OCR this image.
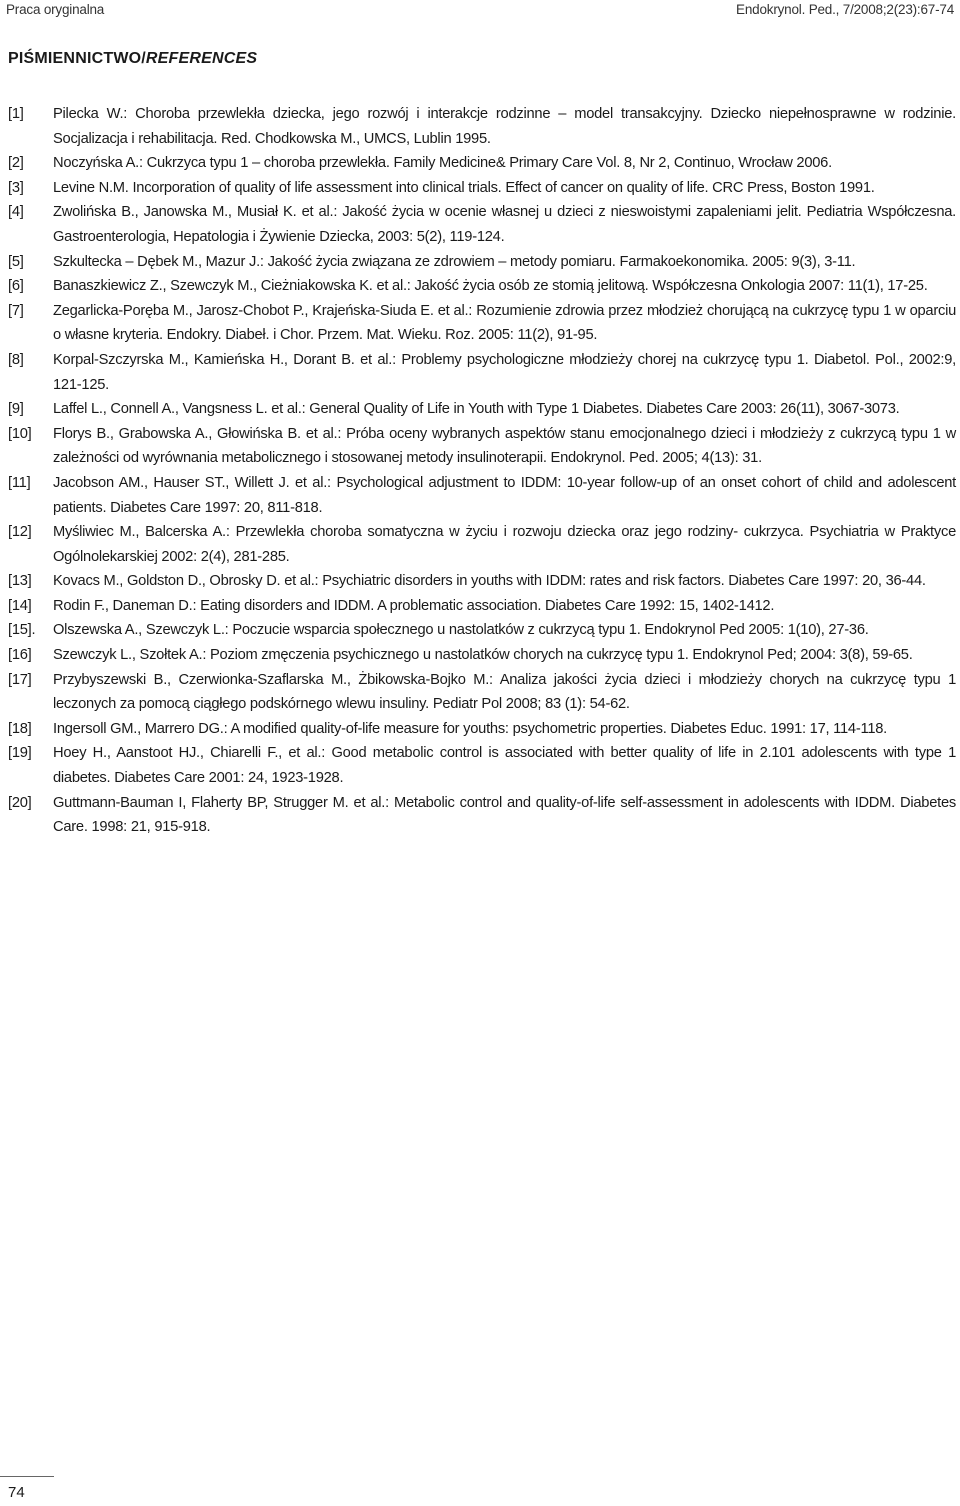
Praca oryginalna	Endokrynol. Ped., 7/2008;2(23):67-74
PIŚMIENNICTWO/REFERENCES
[1]	Pilecka W.: Choroba przewlekła dziecka, jego rozwój i interakcje rodzinne – model transakcyjny. Dziecko niepełnosprawne w rodzinie. Socjalizacja i rehabilitacja. Red. Chodkowska M., UMCS, Lublin 1995.
[2]	Noczyńska A.: Cukrzyca typu 1 – choroba przewlekła. Family Medicine& Primary Care Vol. 8, Nr 2, Continuo, Wrocław 2006.
[3]	Levine N.M. Incorporation of quality of life assessment into clinical trials. Effect of cancer on quality of life. CRC Press, Boston 1991.
[4]	Zwolińska B., Janowska M., Musiał K. et al.: Jakość życia w ocenie własnej u dzieci z nieswoistymi zapaleniami jelit. Pediatria Współczesna. Gastroenterologia, Hepatologia i Żywienie Dziecka, 2003: 5(2), 119-124.
[5]	Szkultecka – Dębek M., Mazur J.: Jakość życia związana ze zdrowiem – metody pomiaru. Farmakoekonomika. 2005: 9(3), 3-11.
[6]	Banaszkiewicz Z., Szewczyk M., Cieżniakowska K. et al.: Jakość życia osób ze stomią jelitową. Współczesna Onkologia 2007: 11(1), 17-25.
[7]	Zegarlicka-Poręba M., Jarosz-Chobot P., Krajeńska-Siuda E. et al.: Rozumienie zdrowia przez młodzież chorującą na cukrzycę typu 1 w oparciu o własne kryteria. Endokry. Diabeł. i Chor. Przem. Mat. Wieku. Roz. 2005: 11(2), 91-95.
[8]	Korpal-Szczyrska M., Kamieńska H., Dorant B. et al.: Problemy psychologiczne młodzieży chorej na cukrzycę typu 1. Diabetol. Pol., 2002:9, 121-125.
[9]	Laffel L., Connell A., Vangsness L. et al.: General Quality of Life in Youth with Type 1 Diabetes. Diabetes Care 2003: 26(11), 3067-3073.
[10]	Florys B., Grabowska A., Głowińska B. et al.: Próba oceny wybranych aspektów stanu emocjonalnego dzieci i młodzieży z cukrzycą typu 1 w zależności od wyrównania metabolicznego i stosowanej metody insulinoterapii. Endokrynol. Ped. 2005; 4(13): 31.
[11]	Jacobson AM., Hauser ST., Willett J. et al.: Psychological adjustment to IDDM: 10-year follow-up of an onset cohort of child and adolescent patients. Diabetes Care 1997: 20, 811-818.
[12]	Myśliwiec M., Balcerska A.: Przewlekła choroba somatyczna w życiu i rozwoju dziecka oraz jego rodziny- cukrzyca. Psychiatria w Praktyce Ogólnolekarskiej 2002: 2(4), 281-285.
[13]	Kovacs M., Goldston D., Obrosky D. et al.: Psychiatric disorders in youths with IDDM: rates and risk factors. Diabetes Care 1997: 20, 36-44.
[14]	Rodin F., Daneman D.: Eating disorders and IDDM. A problematic association. Diabetes Care 1992: 15, 1402-1412.
[15].	Olszewska A., Szewczyk L.: Poczucie wsparcia społecznego u nastolatków z cukrzycą typu 1. Endokrynol Ped 2005: 1(10), 27-36.
[16]	Szewczyk L., Szołtek A.: Poziom zmęczenia psychicznego u nastolatków chorych na cukrzycę typu 1. Endokrynol Ped; 2004: 3(8), 59-65.
[17]	Przybyszewski B., Czerwionka-Szaflarska M., Żbikowska-Bojko M.: Analiza jakości życia dzieci i młodzieży chorych na cukrzycę typu 1 leczonych za pomocą ciągłego podskórnego wlewu insuliny. Pediatr Pol 2008; 83 (1): 54-62.
[18]	Ingersoll GM., Marrero DG.: A modified quality-of-life measure for youths: psychometric properties. Diabetes Educ. 1991: 17, 114-118.
[19]	Hoey H., Aanstoot HJ., Chiarelli F., et al.: Good metabolic control is associated with better quality of life in 2.101 adolescents with type 1 diabetes. Diabetes Care 2001: 24, 1923-1928.
[20]	Guttmann-Bauman I, Flaherty BP, Strugger M. et al.: Metabolic control and quality-of-life self-assessment in adolescents with IDDM. Diabetes Care. 1998: 21, 915-918.
74
